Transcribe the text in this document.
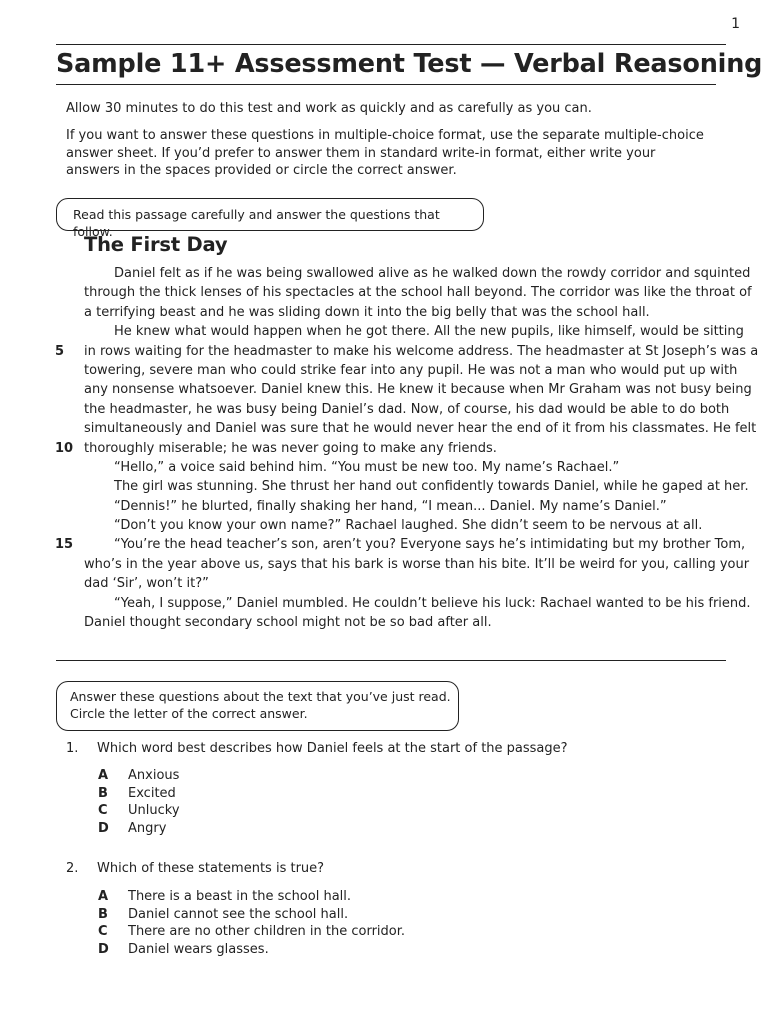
1
Sample 11+ Assessment Test — Verbal Reasoning
Allow 30 minutes to do this test and work as quickly and as carefully as you can.
If you want to answer these questions in multiple-choice format, use the separate multiple-choice answer sheet. If you’d prefer to answer them in standard write-in format, either write your answers in the spaces provided or circle the correct answer.
Read this passage carefully and answer the questions that follow.
The First Day
Daniel felt as if he was being swallowed alive as he walked down the rowdy corridor and squinted
through the thick lenses of his spectacles at the school hall beyond. The corridor was like the throat of
a terrifying beast and he was sliding down it into the big belly that was the school hall.
He knew what would happen when he got there. All the new pupils, like himself, would be sitting
5 in rows waiting for the headmaster to make his welcome address. The headmaster at St Joseph’s was a
towering, severe man who could strike fear into any pupil. He was not a man who would put up with
any nonsense whatsoever. Daniel knew this. He knew it because when Mr Graham was not busy being
the headmaster, he was busy being Daniel’s dad. Now, of course, his dad would be able to do both
simultaneously and Daniel was sure that he would never hear the end of it from his classmates. He felt
10 thoroughly miserable; he was never going to make any friends.
“Hello,” a voice said behind him. “You must be new too. My name’s Rachael.”
The girl was stunning. She thrust her hand out confidently towards Daniel, while he gaped at her.
“Dennis!” he blurted, finally shaking her hand, “I mean... Daniel. My name’s Daniel.”
“Don’t you know your own name?” Rachael laughed. She didn’t seem to be nervous at all.
15	“You’re the head teacher’s son, aren’t you? Everyone says he’s intimidating but my brother Tom,
who’s in the year above us, says that his bark is worse than his bite. It’ll be weird for you, calling your
dad ‘Sir’, won’t it?”
“Yeah, I suppose,” Daniel mumbled. He couldn’t believe his luck: Rachael wanted to be his friend.
Daniel thought secondary school might not be so bad after all.
Answer these questions about the text that you’ve just read.
Circle the letter of the correct answer.
1. Which word best describes how Daniel feels at the start of the passage?
A Anxious
B Excited
C Unlucky
D Angry
2. Which of these statements is true?
A There is a beast in the school hall.
B Daniel cannot see the school hall.
C There are no other children in the corridor.
D Daniel wears glasses.
